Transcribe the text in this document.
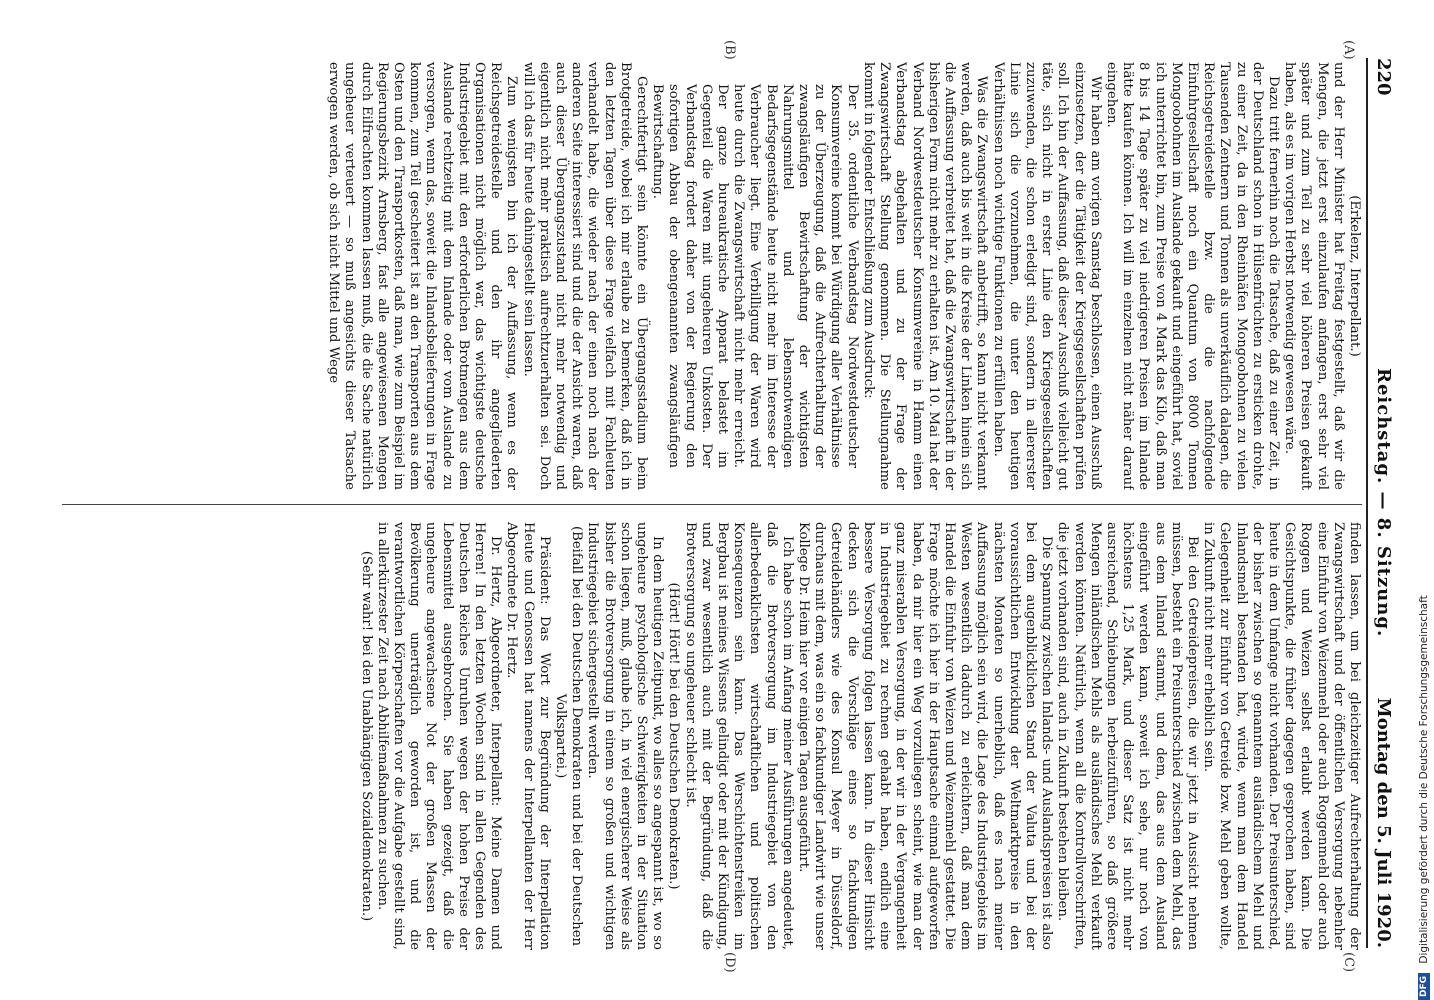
220
Reichstag. — 8. Sitzung.
Montag den 5. Juli 1920.
(A)
(B)
(C)
(D)

(Erkelenz, Interpellant.)

und der Herr Minister hat Freitag festgestellt, daß wir die Mengen, die jetzt erst einzulaufen anfangen, erst sehr viel später und zum Teil zu sehr viel höheren Preisen gekauft haben, als es im vorigen Herbst notwendig gewesen wäre.

Dazu tritt fernerhin noch die Tatsache, daß zu einer Zeit, in der Deutschland schon in Hülsenfrüchten zu ersticken drohte, zu einer Zeit, da in den Rheinhäfen Mongoobohnen zu vielen Tausenden Zentnern und Tonnen als unverkäuflich dalagen, die Reichsgetreidestelle bzw. die die nachfolgende Einfuhrgesellschaft noch ein Quantum von 8000 Tonnen Mongoobohnen im Auslande gekauft und eingeführt hat, soviel ich unterrichtet bin, zum Preise von 4 Mark das Kilo, daß man 8 bis 14 Tage später zu viel niedrigeren Preisen im Inlande hätte kaufen können. Ich will im einzelnen nicht näher darauf eingehen.

Wir haben am vorigen Samstag beschlossen, einen Ausschuß einzusetzen, der die Tätigkeit der Kriegsgesellschaften prüfen soll. Ich bin der Auffassung, daß dieser Ausschuß vielleicht gut täte, sich nicht in erster Linie den Kriegsgesellschaften zuzuwenden, die schon erledigt sind, sondern in allererster Linie sich die vorzunehmen, die unter den heutigen Verhältnissen noch wichtige Funktionen zu erfüllen haben.

Was die Zwangswirtschaft anbetrifft, so kann nicht verkannt werden, daß auch bis weit in die Kreise der Linken hinein sich die Auffassung verbreitet hat, daß die Zwangswirtschaft in der bisherigen Form nicht mehr zu erhalten ist. Am 10. Mai hat der Verband Nordwestdeutscher Konsumvereine in Hamm einen Verbandstag abgehalten und zu der Frage der Zwangswirtschaft Stellung genommen. Die Stellungnahme kommt in folgender Entschließung zum Ausdruck:

Der 35. ordentliche Verbandstag Nordwestdeutscher Konsumvereine kommt bei Würdigung aller Verhältnisse zu der Überzeugung, daß die Aufrechterhaltung der zwangsläufigen Bewirtschaftung der wichtigsten Nahrungsmittel und lebensnotwendigen Bedarfsgegenstände heute nicht mehr im Interesse der Verbraucher liegt. Eine Verbilligung der Waren wird heute durch die Zwangswirtschaft nicht mehr erreicht. Der ganze bureaukratische Apparat belastet im Gegenteil die Waren mit ungeheuren Unkosten. Der Verbandstag fordert daher von der Regierung den sofortigen Abbau der obengenannten zwangsläufigen Bewirtschaftung.

Gerechtfertigt sein könnte ein Übergangsstadium beim Brotgetreide, wobei ich mir erlaube zu bemerken, daß ich in den letzten Tagen über diese Frage vielfach mit Fachleuten verhandelt habe, die wieder nach der einen noch nach der anderen Seite interessiert sind und die der Ansicht waren, daß auch dieser Übergangszustand nicht mehr notwendig und eigentlich nicht mehr praktisch aufrechtzuerhalten sei. Doch will ich das für heute dahingestellt sein lassen.

Zum wenigsten bin ich der Auffassung, wenn es der Reichsgetreidestelle und den ihr angegliederten Organisationen nicht möglich war, das wichtigste deutsche Industriegebiet mit den erforderlichen Brotmengen aus dem Auslande rechtzeitig mit dem Inlande oder vom Auslande zu versorgen, wenn das, soweit die Inlandsbelieferungen in Frage kommen, zum Teil gescheitert ist an den Transporten aus dem Osten und den Transportkosten, daß man, wie zum Beispiel im Regierungsbezirk Arnsberg, fast alle angewiesenen Mengen durch Eilfrachten kommen lassen muß, die die Sache natürlich ungeheuer verteuert — so muß angesichts dieser Tatsache erwogen werden, ob sich nicht Mittel und Wege

finden lassen, um bei gleichzeitiger Aufrechterhaltung der Zwangswirtschaft und der öffentlichen Versorgung nebenher eine Einfuhr von Weizenmehl oder auch Roggenmehl oder auch Roggen und Weizen selbst erlaubt werden kann. Die Gesichtspunkte, die früher dagegen gesprochen haben, sind heute in dem Umfange nicht vorhanden. Der Preisunterschied, der bisher zwischen so genanntem ausländischem Mehl und Inlandsmehl bestanden hat, würde, wenn man dem Handel Gelegenheit zur Einfuhr von Getreide bzw. Mehl geben wollte, in Zukunft nicht mehr erheblich sein.

Bei den Getreidepreisen, die wir jetzt in Aussicht nehmen müssen, besteht ein Preisunterschied zwischen dem Mehl, das aus dem Inland stammt, und dem, das aus dem Ausland eingeführt werden kann, soweit ich sehe, nur noch von höchstens 1,25 Mark, und dieser Satz ist nicht mehr ausreichend, Schiebungen herbeizuführen, so daß größere Mengen inländischen Mehls als ausländisches Mehl verkauft werden könnten. Natürlich, wenn all die Kontrollvorschriften, die jetzt vorhanden sind, auch in Zukunft bestehen bleiben.

Die Spannung zwischen Inlands- und Auslandspreisen ist also bei dem augenblicklichen Stand der Valuta und bei der voraussichtlichen Entwicklung der Weltmarktpreise in den nächsten Monaten so unerheblich, daß es nach meiner Auffassung möglich sein wird, die Lage des Industriegebiets im Westen wesentlich dadurch zu erleichtern, daß man dem Handel die Einfuhr von Weizen und Weizenmehl gestattet. Die Frage möchte ich hier in der Hauptsache einmal aufgeworfen haben, da mir hier ein Weg vorzuliegen scheint, wie man der ganz miserablen Versorgung, in der wir in der Vergangenheit in Industriegebiet zu rechnen gehabt haben, endlich eine bessere Versorgung folgen lassen kann. In dieser Hinsicht decken sich die Vorschläge eines so fachkundigen Getreidehändlers wie des Konsul Meyer in Düsseldorf, durchaus mit dem, was ein so fachkundiger Landwirt wie unser Kollege Dr. Heim hier vor einigen Tagen ausgeführt.

Ich habe schon im Anfang meiner Ausführungen angedeutet, daß die Brotversorgung im Industriegebiet von den allerbedenklichsten wirtschaftlichen und politischen Konsequenzen sein kann. Das Werschichtenstreiken im Bergbau ist meines Wissens gelindigt oder mit der Kündigung, und zwar wesentlich auch mit der Begründung, daß die Brotversorgung so ungeheuer schlecht ist.

(Hört! Hört! bei den Deutschen Demokraten.)

In dem heutigen Zeitpunkt, wo alles so angespannt ist, wo so ungeheure psychologische Schwierigkeiten in der Situation schon liegen, muß, glaube ich, in viel energischerer Weise als bisher die Brotversorgung in einem so großen und wichtigen Industriegebiet sichergestellt werden.

(Beifall bei den Deutschen Demokraten und bei der Deutschen Volkspartei.)

Präsident: Das Wort zur Begründung der Interpellation Heute und Genossen hat namens der Interpellanten der Herr Abgeordnete Dr. Hertz.

Dr. Hertz, Abgeordneter, Interpellant: Meine Damen und Herren! In den letzten Wochen sind in allen Gegenden des Deutschen Reiches Unruhen wegen der hohen Preise der Lebensmittel ausgebrochen. Sie haben gezeigt, daß die ungeheure angewachsene Not der großen Massen der Bevölkerung unerträglich geworden ist, und die verantwortlichen Körperschaften vor die Aufgabe gestellt sind, in allerkürzester Zeit nach Abhilfemaßnahmen zu suchen.

(Sehr wahr! bei den Unabhängigen Sozialdemokraten.)

DFG Digitalisierung gefördert durch die Deutsche Forschungsgemeinschaft
